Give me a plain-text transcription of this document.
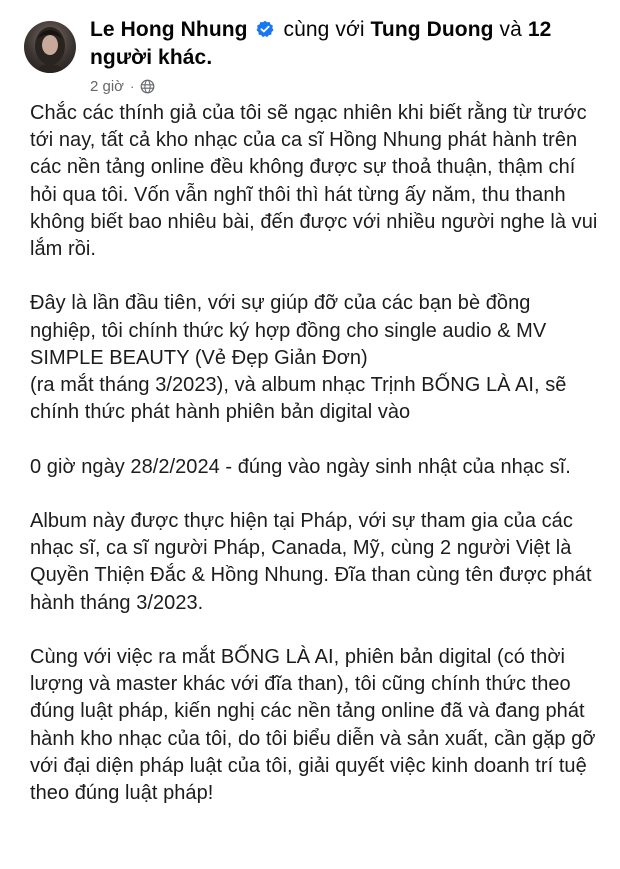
Le Hong Nhung cùng với Tung Duong và 12 người khác.
2 giờ ·

Chắc các thính giả của tôi sẽ ngạc nhiên khi biết rằng từ trước tới nay, tất cả kho nhạc của ca sĩ Hồng Nhung phát hành trên các nền tảng online đều không được sự thoả thuận, thậm chí hỏi qua tôi. Vốn vẫn nghĩ thôi thì hát từng ấy năm, thu thanh không biết bao nhiêu bài, đến được với nhiều người nghe là vui lắm rồi.

Đây là lần đầu tiên, với sự giúp đỡ của các bạn bè đồng nghiệp, tôi chính thức ký hợp đồng cho single audio & MV
SIMPLE BEAUTY (Vẻ Đẹp Giản Đơn)
(ra mắt tháng 3/2023), và album nhạc Trịnh BỐNG LÀ AI, sẽ chính thức phát hành phiên bản digital vào

0 giờ ngày 28/2/2024 - đúng vào ngày sinh nhật của nhạc sĩ.

Album này được thực hiện tại Pháp, với sự tham gia của các nhạc sĩ, ca sĩ người Pháp, Canada, Mỹ, cùng 2 người Việt là Quyền Thiện Đắc & Hồng Nhung. Đĩa than cùng tên được phát hành tháng 3/2023.

Cùng với việc ra mắt BỐNG LÀ AI, phiên bản digital (có thời lượng và master khác với đĩa than), tôi cũng chính thức theo đúng luật pháp, kiến nghị các nền tảng online đã và đang phát hành kho nhạc của tôi, do tôi biểu diễn và sản xuất, cần gặp gỡ với đại diện pháp luật của tôi, giải quyết việc kinh doanh trí tuệ theo đúng luật pháp!
